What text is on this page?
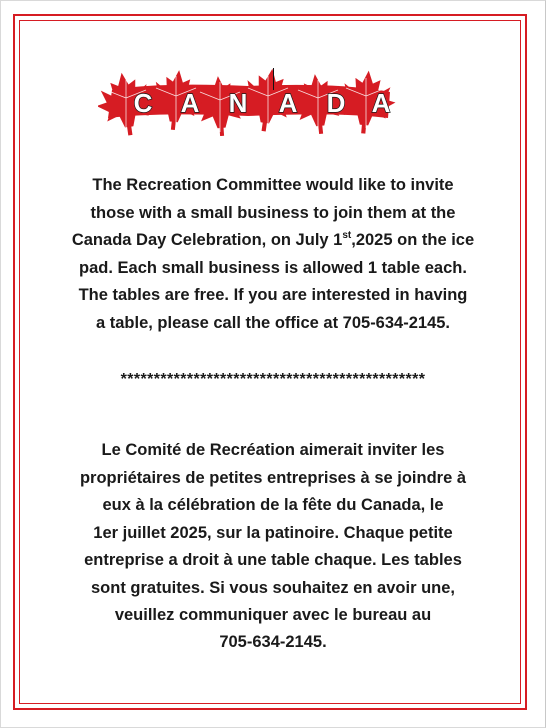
C A N A D A
The Recreation Committee would like to invite
those with a small business to join them at the
Canada Day Celebration, on July 1st,2025 on the ice
pad. Each small business is allowed 1 table each.
The tables are free. If you are interested in having
a table, please call the office at 705-634-2145.
**********************************************
Le Comité de Recréation aimerait inviter les
propriétaires de petites entreprises à se joindre à
eux à la célébration de la fête du Canada, le
1er juillet 2025, sur la patinoire. Chaque petite
entreprise a droit à une table chaque. Les tables
sont gratuites. Si vous souhaitez en avoir une,
veuillez communiquer avec le bureau au
705-634-2145.
